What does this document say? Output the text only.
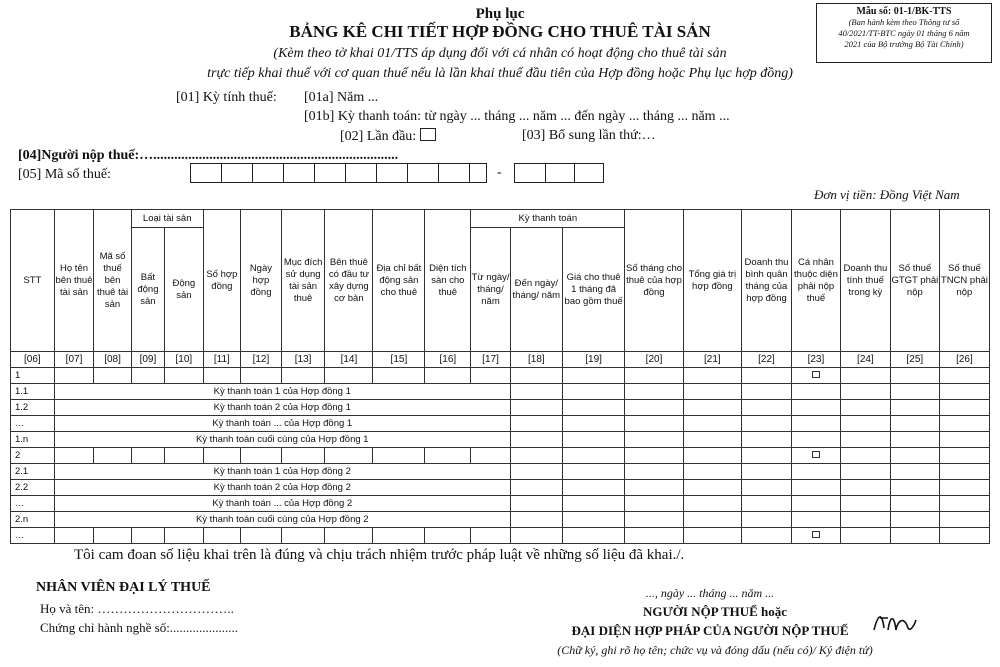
Phụ lục
BẢNG KÊ CHI TIẾT HỢP ĐỒNG CHO THUÊ TÀI SẢN
(Kèm theo tờ khai 01/TTS áp dụng đối với cá nhân có hoạt động cho thuê tài sản
trực tiếp khai thuế với cơ quan thuế nếu là lần khai thuế đầu tiên của Hợp đồng hoặc Phụ lục hợp đồng)
Mẫu số: 01-1/BK-TTS
(Ban hành kèm theo Thông tư số
40/2021/TT-BTC ngày 01 tháng 6 năm
2021 của Bộ trưởng Bộ Tài Chính)
[01] Kỳ tính thuế: [01a] Năm ...
[01b] Kỳ thanh toán: từ ngày ... tháng ... năm ... đến ngày ... tháng ... năm ...
[02] Lần đầu:	[03] Bổ sung lần thứ:…
[04]Người nộp thuế:…......................................................................
[05] Mã số thuế:	-
Đơn vị tiền: Đồng Việt Nam
STT	Họ tên bên thuê tài sản	Mã số thuế bên thuê tài sản	Loại tài sản		Số hợp đồng	Ngày hợp đồng	Mục đích sử dụng tài sản thuê	Bên thuê có đầu tư xây dựng cơ bản	Địa chỉ bất động sản cho thuê	Diện tích sàn cho thuê	Kỳ thanh toán			Số tháng cho thuê của hợp đồng	Tổng giá trị hợp đồng	Doanh thu bình quân tháng của hợp đồng	Cá nhân thuộc diện phải nộp thuế	Doanh thu tính thuế trong kỳ	Số thuế GTGT phải nộp	Số thuế TNCN phải nộp
			Bất động sản	Động sản							Từ ngày/ tháng/ năm	Đến ngày/ tháng/ năm	Giá cho thuê 1 tháng đã bao gồm thuế							
[06]	[07]	[08]	[09]	[10]	[11]	[12]	[13]	[14]	[15]	[16]	[17]	[18]	[19]	[20]	[21]	[22]	[23]	[24]	[25]	[26]
1																				
1.1	Kỳ thanh toán 1 của Hợp đồng 1																			
1.2	Kỳ thanh toán 2 của Hợp đồng 1																			
…	Kỳ thanh toán ... của Hợp đồng 1																			
1.n	Kỳ thanh toán cuối cùng của Hợp đồng 1																			
2																				
2.1	Kỳ thanh toán 1 của Hợp đồng 2																			
2.2	Kỳ thanh toán 2 của Hợp đồng 2																			
…	Kỳ thanh toán ... của Hợp đồng 2																			
2.n	Kỳ thanh toán cuối cùng của Hợp đồng 2																			
…																				
Tôi cam đoan số liệu khai trên là đúng và chịu trách nhiệm trước pháp luật về những số liệu đã khai./.
NHÂN VIÊN ĐẠI LÝ THUẾ
Họ và tên: …………………………..
Chứng chỉ hành nghề số:.....................
..., ngày ... tháng ... năm ...
NGƯỜI NỘP THUẾ hoặc
ĐẠI DIỆN HỢP PHÁP CỦA NGƯỜI NỘP THUẾ
(Chữ ký, ghi rõ họ tên; chức vụ và đóng dấu (nếu có)/ Ký điện tử)
